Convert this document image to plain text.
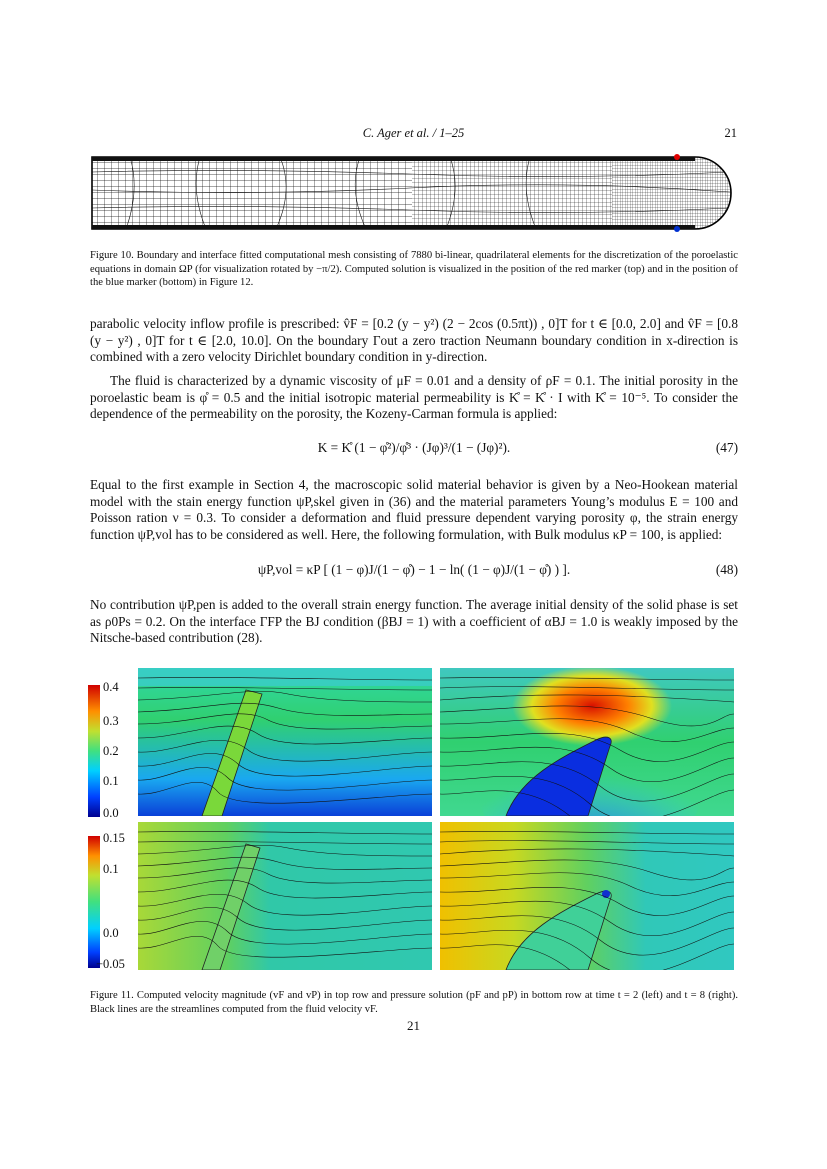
C. Ager et al. / 1–25	21
Figure 10. Boundary and interface fitted computational mesh consisting of 7880 bi-linear, quadrilateral elements for the discretization of the poroelastic equations in domain ΩP (for visualization rotated by −π/2). Computed solution is visualized in the position of the red marker (top) and in the position of the blue marker (bottom) in Figure 12.
parabolic velocity inflow profile is prescribed: v̂F = [0.2 (y − y²) (2 − 2cos (0.5πt)) , 0]T for t ∈ [0.0, 2.0] and v̂F = [0.8 (y − y²) , 0]T for t ∈ [2.0, 10.0]. On the boundary Γout a zero traction Neumann boundary condition in x-direction is combined with a zero velocity Dirichlet boundary condition in y-direction.
The fluid is characterized by a dynamic viscosity of μF = 0.01 and a density of ρF = 0.1. The initial porosity in the poroelastic beam is φ̊ = 0.5 and the initial isotropic material permeability is K̊ = K̊ · I with K̊ = 10⁻⁵. To consider the dependence of the permeability on the porosity, the Kozeny-Carman formula is applied:
K = K̊ (1 − φ̊²)/φ̊³ · (Jφ)³/(1 − (Jφ)²).	(47)
Equal to the first example in Section 4, the macroscopic solid material behavior is given by a Neo-Hookean material model with the stain energy function ψP,skel given in (36) and the material parameters Young’s modulus E = 100 and Poisson ration ν = 0.3. To consider a deformation and fluid pressure dependent varying porosity φ, the strain energy function ψP,vol has to be considered as well. Here, the following formulation, with Bulk modulus κP = 100, is applied:
ψP,vol = κP [ (1 − φ)J/(1 − φ̊) − 1 − ln( (1 − φ)J/(1 − φ̊) ) ].	(48)
No contribution ψP,pen is added to the overall strain energy function. The average initial density of the solid phase is set as ρ0Ps = 0.2. On the interface ΓFP the BJ condition (βBJ = 1) with a coefficient of αBJ = 1.0 is weakly imposed by the Nitsche-based contribution (28).
0.4
0.3
0.2
0.1
0.0
0.15
0.1
0.0
−0.05
Figure 11. Computed velocity magnitude (vF and vP) in top row and pressure solution (pF and pP) in bottom row at time t = 2 (left) and t = 8 (right). Black lines are the streamlines computed from the fluid velocity vF.
21
